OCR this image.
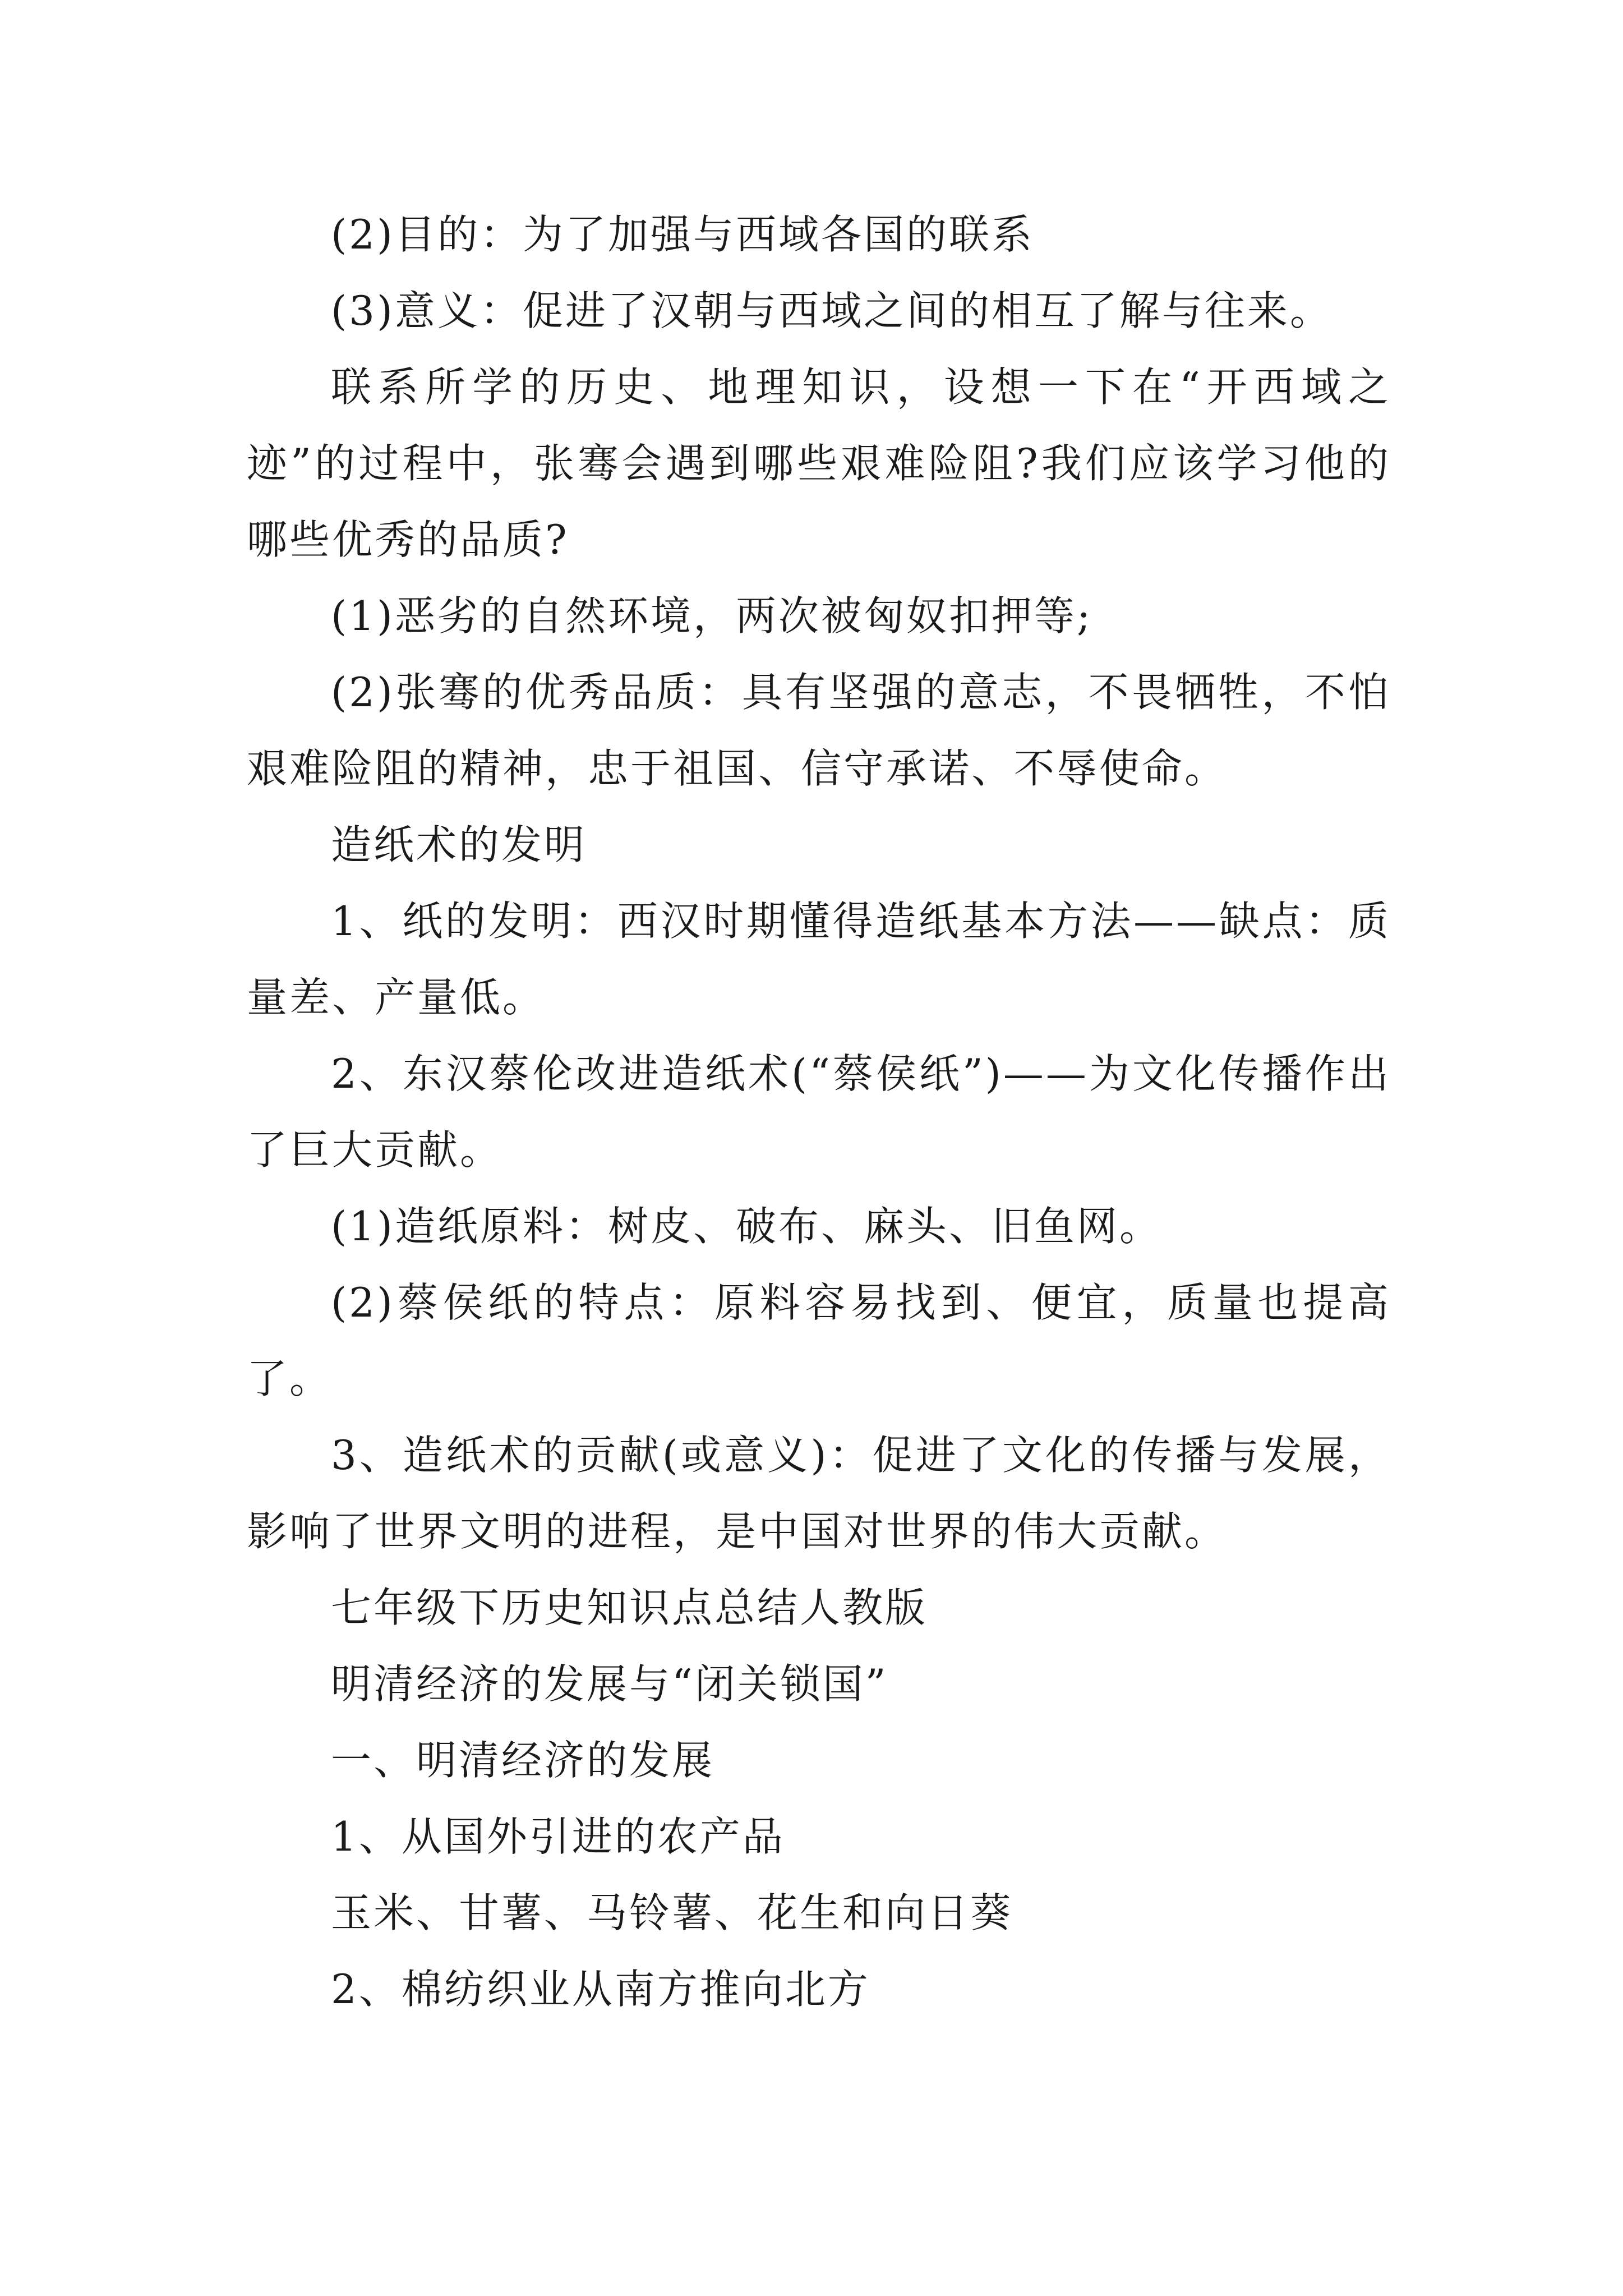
(2)目的：为了加强与西域各国的联系

(3)意义：促进了汉朝与西域之间的相互了解与往来。

联系所学的历史、地理知识，设想一下在“开西域之迹”的过程中，张骞会遇到哪些艰难险阻?我们应该学习他的哪些优秀的品质?

(1)恶劣的自然环境，两次被匈奴扣押等;

(2)张骞的优秀品质：具有坚强的意志，不畏牺牲，不怕艰难险阻的精神，忠于祖国、信守承诺、不辱使命。

造纸术的发明

1、纸的发明：西汉时期懂得造纸基本方法——缺点：质量差、产量低。

2、东汉蔡伦改进造纸术(“蔡侯纸”)——为文化传播作出了巨大贡献。

(1)造纸原料：树皮、破布、麻头、旧鱼网。

(2)蔡侯纸的特点：原料容易找到、便宜，质量也提高了。

3、造纸术的贡献(或意义)：促进了文化的传播与发展，影响了世界文明的进程，是中国对世界的伟大贡献。

七年级下历史知识点总结人教版

明清经济的发展与“闭关锁国”

一、明清经济的发展

1、从国外引进的农产品

玉米、甘薯、马铃薯、花生和向日葵

2、棉纺织业从南方推向北方
